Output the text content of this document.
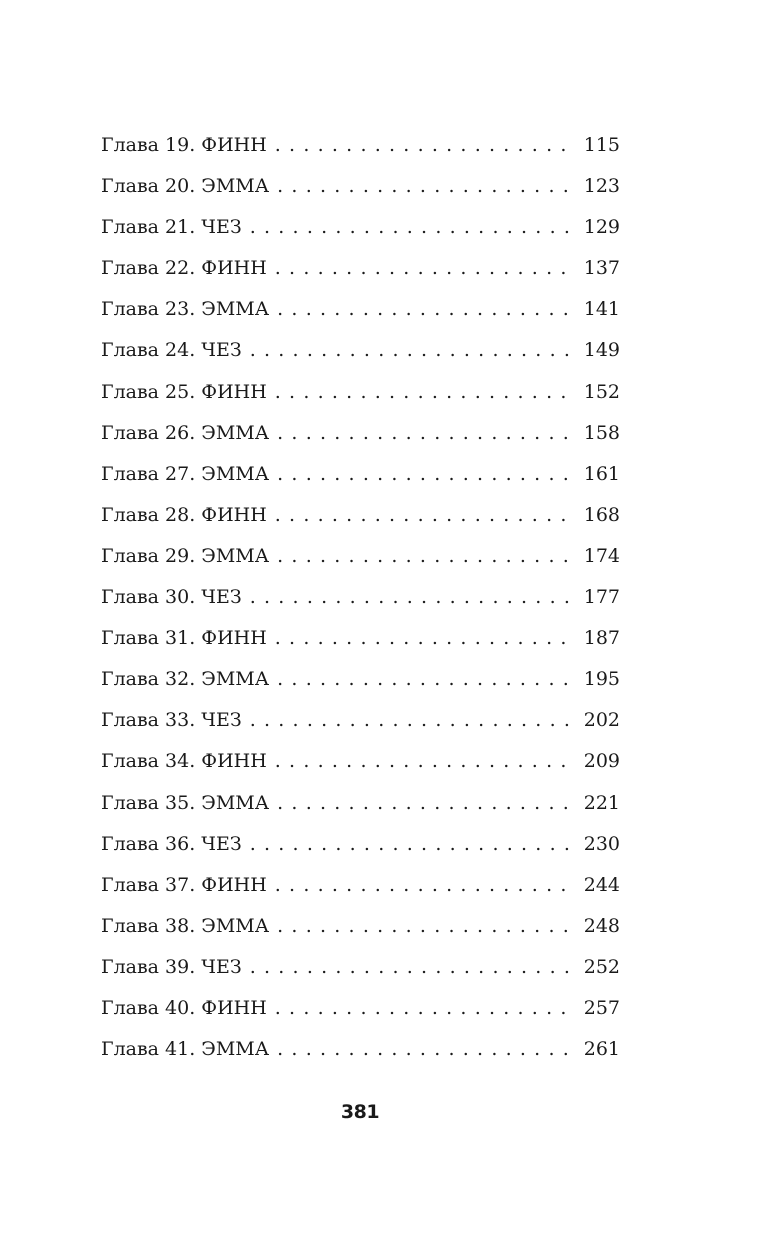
Глава 19. ФИНН . . .	115
Глава 20. ЭММА . . .	123
Глава 21. ЧЕЗ . . .	129
Глава 22. ФИНН . . .	137
Глава 23. ЭММА . . .	141
Глава 24. ЧЕЗ . . .	149
Глава 25. ФИНН . . .	152
Глава 26. ЭММА . . .	158
Глава 27. ЭММА . . .	161
Глава 28. ФИНН . . .	168
Глава 29. ЭММА . . .	174
Глава 30. ЧЕЗ . . .	177
Глава 31. ФИНН . . .	187
Глава 32. ЭММА . . .	195
Глава 33. ЧЕЗ . . .	202
Глава 34. ФИНН . . .	209
Глава 35. ЭММА . . .	221
Глава 36. ЧЕЗ . . .	230
Глава 37. ФИНН . . .	244
Глава 38. ЭММА . . .	248
Глава 39. ЧЕЗ . . .	252
Глава 40. ФИНН . . .	257
Глава 41. ЭММА . . .	261
381
